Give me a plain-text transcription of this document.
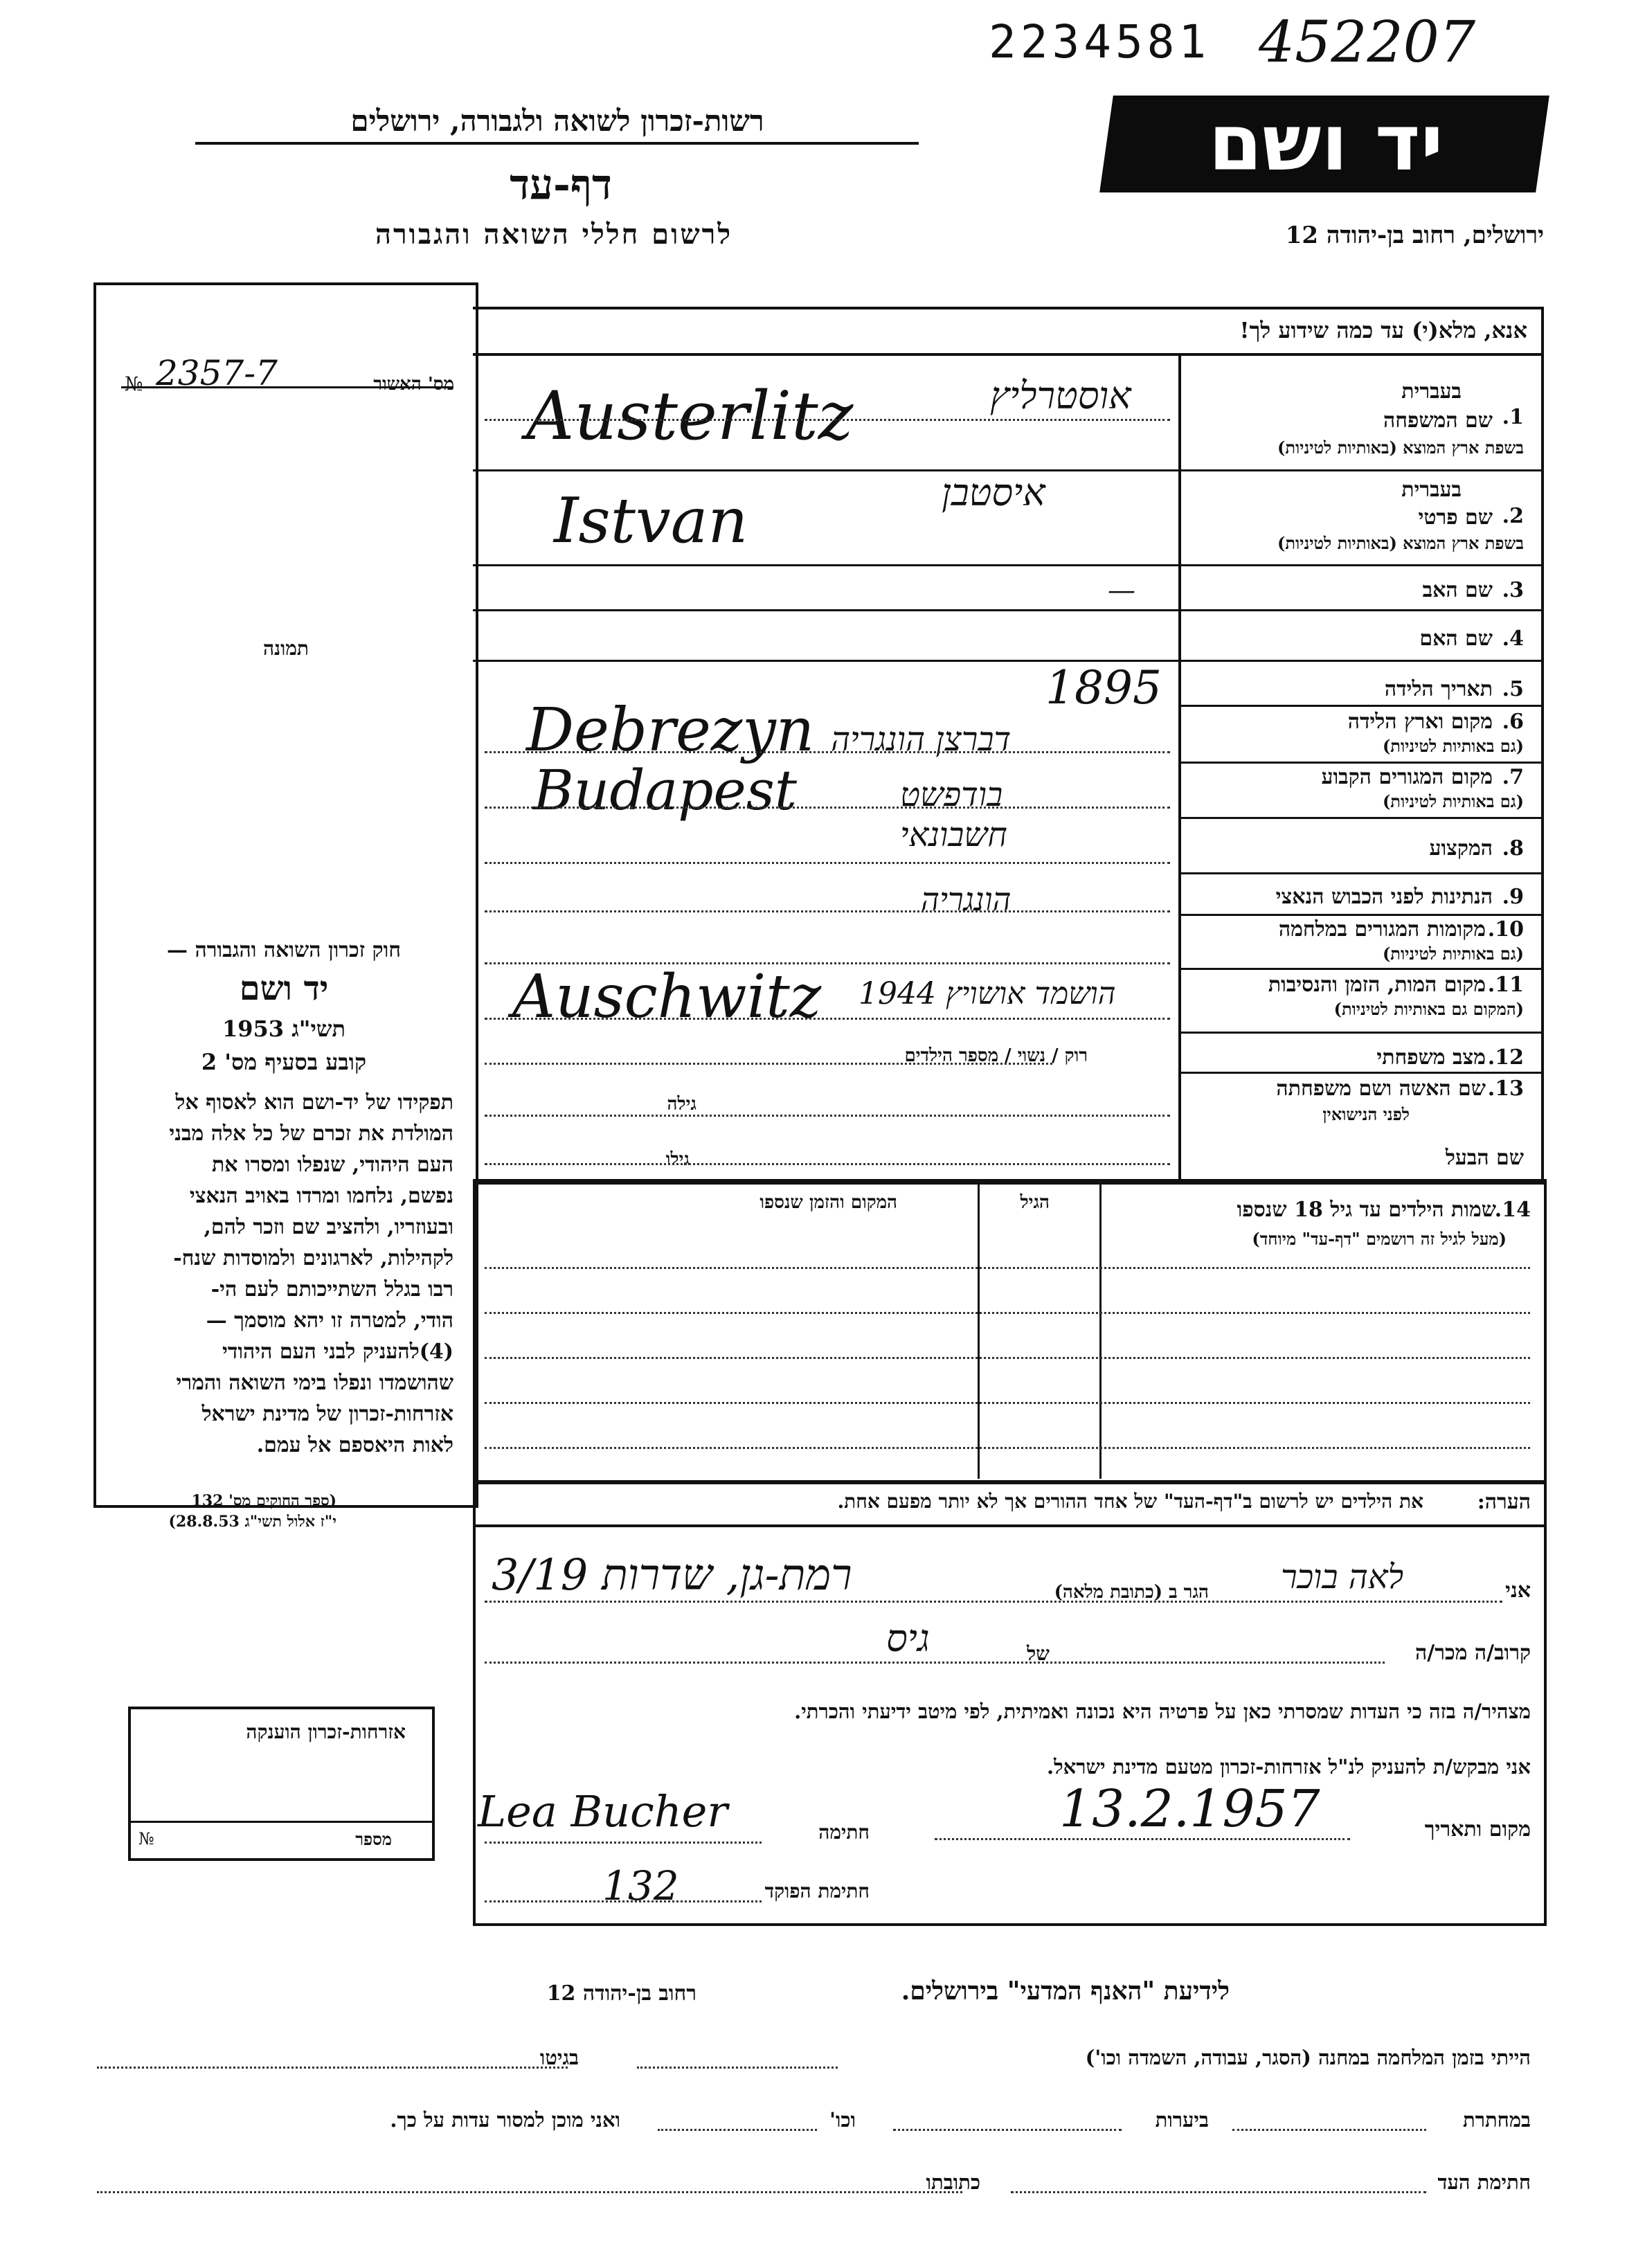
2234581 452207
רשות-זכרון לשואה ולגבורה, ירושלים
דף-עד
לרשום חללי השואה והגבורה
יד ושם
ירושלים, רחוב בן-יהודה 12
מס' האשור
№ 2357-7
תמונה
חוק זכרון השואה והגבורה —
יד ושם
תשי"ג 1953
קובע בסעיף מס' 2
תפקידו של יד-ושם הוא לאסוף אל
המולדת את זכרם של כל אלה מבני
העם היהודי, שנפלו ומסרו את
נפשם, נלחמו ומרדו באויב הנאצי
ובעוזריו, ולהציב שם וזכר להם,
לקהילות, לארגונים ולמוסדות שנח-
רבו בגלל השתייכותם לעם הי-
הודי, למטרה זו יהא מוסמך —
(4)להעניק לבני העם היהודי
שהושמדו ונפלו בימי השואה והמרי
אזרחות-זכרון של מדינת ישראל
לאות היאספם אל עמם.
(ספר החוקים מס' 132
י"ז אלול תשי"ג 28.8.53)
אזרחות-זכרון הוענקה
№	מספר
אנא, מלא(י) עד כמה שידוע לך!
בעברית
1.
שם המשפחה
בשפת ארץ המוצא (באותיות לטיניות)
אוסטרליץ
Austerlitz
בעברית
2.
שם פרטי
בשפת ארץ המוצא (באותיות לטיניות)
איסטבן
Istvan
3.
שם האב
—
4.
שם האם
5.
תאריך הלידה
1895
6.
מקום וארץ הלידה
(גם באותיות לטיניות)
Debrezyn דברצן הונגריה
7.
מקום המגורים הקבוע
(גם באותיות לטיניות)
Budapest	בודפשט
8.
המקצוע
חשבונאי
9.
הנתינות לפני הכבוש הנאצי
הונגריה
10.
מקומות המגורים במלחמה
(גם באותיות לטיניות)
11.
מקום המות, הזמן והנסיבות
(המקום גם באותיות לטיניות)
Auschwitz הושמד אושויץ 1944
12.
מצב משפחתי
רוק / נשוי / מספר הילדים
13.
שם האשה ושם משפחתה
לפני הנישואין
גילה
שם הבעל
גילו
14.
שמות הילדים עד גיל 18 שנספו
(מעל לגיל זה רושמים "דף-עד" מיוחד)
הגיל
המקום והזמן שנספו
הערה:
את הילדים יש לרשום ב"דף-העד" של אחד ההורים אך לא יותר מפעם אחת.
אני
לאה בוכר
הגר ב (כתובת מלאה)
רמת-גן, שדרות 3/19
קרוב/ה מכר/ה
של
גיס
מצהיר/ה בזה כי העדות שמסרתי כאן על פרטיה היא נכונה ואמיתית, לפי מיטב ידיעתי והכרתי.
אני מבקש/ת להעניק לנ"ל אזרחות-זכרון מטעם מדינת ישראל.
מקום ותאריך
13.2.1957
חתימה
Lea Bucher
חתימת הפוקד
132
לידיעת "האנף המדעי" בירושלים.
רחוב בן-יהודה 12
הייתי בזמן המלחמה במחנה (הסגר, עבודה, השמדה וכו')
בגיטו
במחתרת
ביערות
וכו'
ואני מוכן למסור עדות על כך.
חתימת העד
כתובתו
